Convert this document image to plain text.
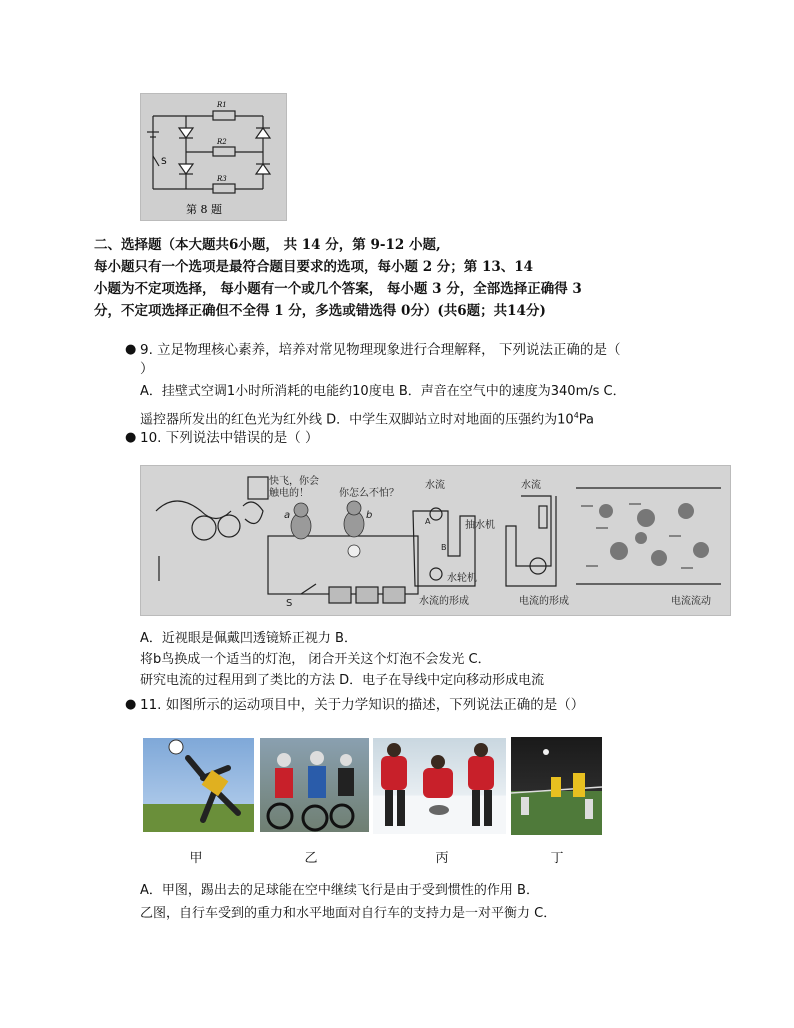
R1
R2
R3
S
第 8 题
二、选择题（本大题共6小题， 共 14 分，第 9-12 小题,
每小题只有一个选项是最符合题目要求的选项，每小题 2 分；第 13、14
小题为不定项选择， 每小题有一个或几个答案， 每小题 3 分，全部选择正确得 3
分，不定项选择正确但不全得 1 分，多选或错选得 0分）(共6题；共14分)
● 9. 立足物理核心素养，培养对常见物理现象进行合理解释， 下列说法正确的是（
）
A．挂壁式空调1小时所消耗的电能约10度电 B．声音在空气中的速度为340m/s C．
遥控器所发出的红色光为红外线 D．中学生双脚站立时对地面的压强约为$10^4Pa$
● 10. 下列说法中错误的是（ ）
快飞，你会
触电的！	你怎么不怕？
a	b
S
水流
抽水机
水轮机
水流的形成
水流
电流的形成	电流流动
A
B
A．近视眼是佩戴凹透镜矫正视力 B．
将b鸟换成一个适当的灯泡， 闭合开关这个灯泡不会发光 C．
研究电流的过程用到了类比的方法 D．电子在导线中定向移动形成电流
● 11. 如图所示的运动项目中，关于力学知识的描述，下列说法正确的是（）
甲	乙	丙	丁
A．甲图，踢出去的足球能在空中继续飞行是由于受到惯性的作用 B．
乙图，自行车受到的重力和水平地面对自行车的支持力是一对平衡力 C．
